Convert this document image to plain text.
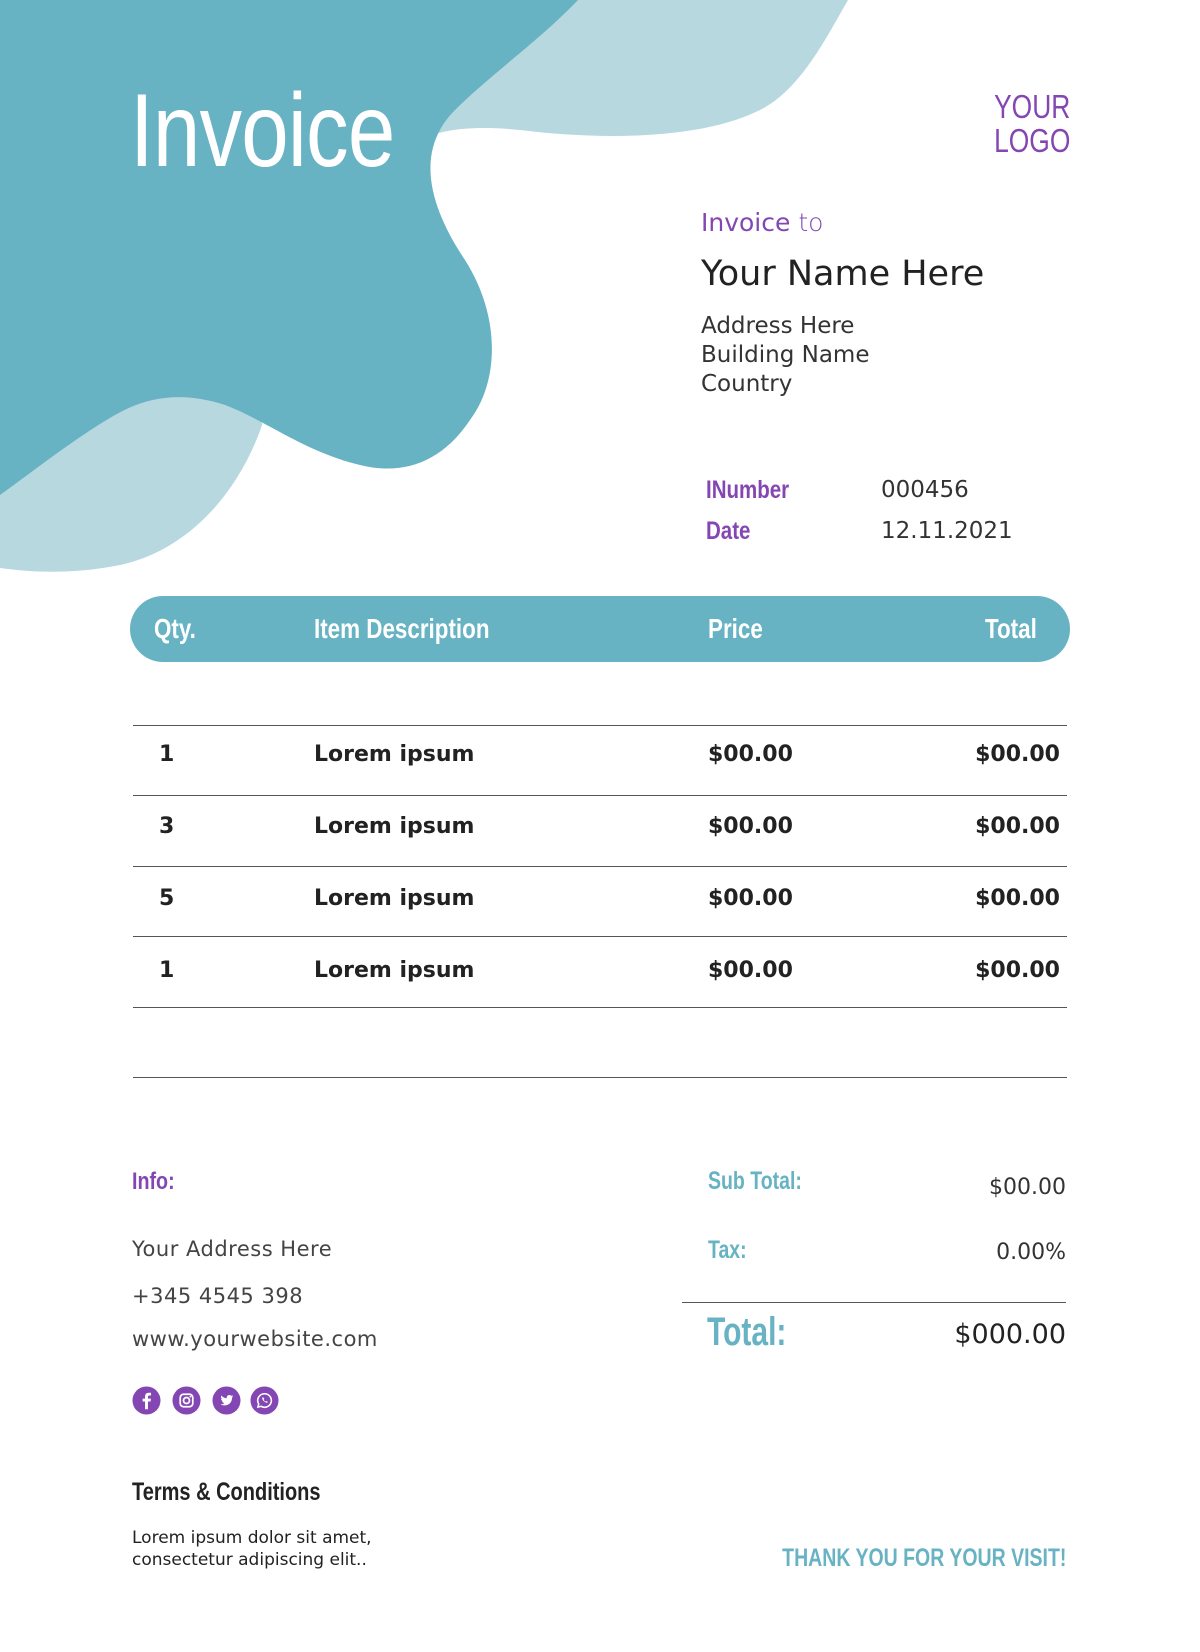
Invoice	YOUR
LOGO
Invoice to
Your Name Here
Address Here
Building Name
Country
INumber	000456
Date	12.11.2021
Qty.	Item Description	Price	Total
1	Lorem ipsum	$00.00	$00.00
3	Lorem ipsum	$00.00	$00.00
5	Lorem ipsum	$00.00	$00.00
1	Lorem ipsum	$00.00	$00.00
Info:
Your Address Here
+345 4545 398
www.yourwebsite.com
Sub Total:	$00.00
Tax:	0.00%
Total:	$000.00
Terms & Conditions
Lorem ipsum dolor sit amet, consectetur adipiscing elit..	THANK YOU FOR YOUR VISIT!
